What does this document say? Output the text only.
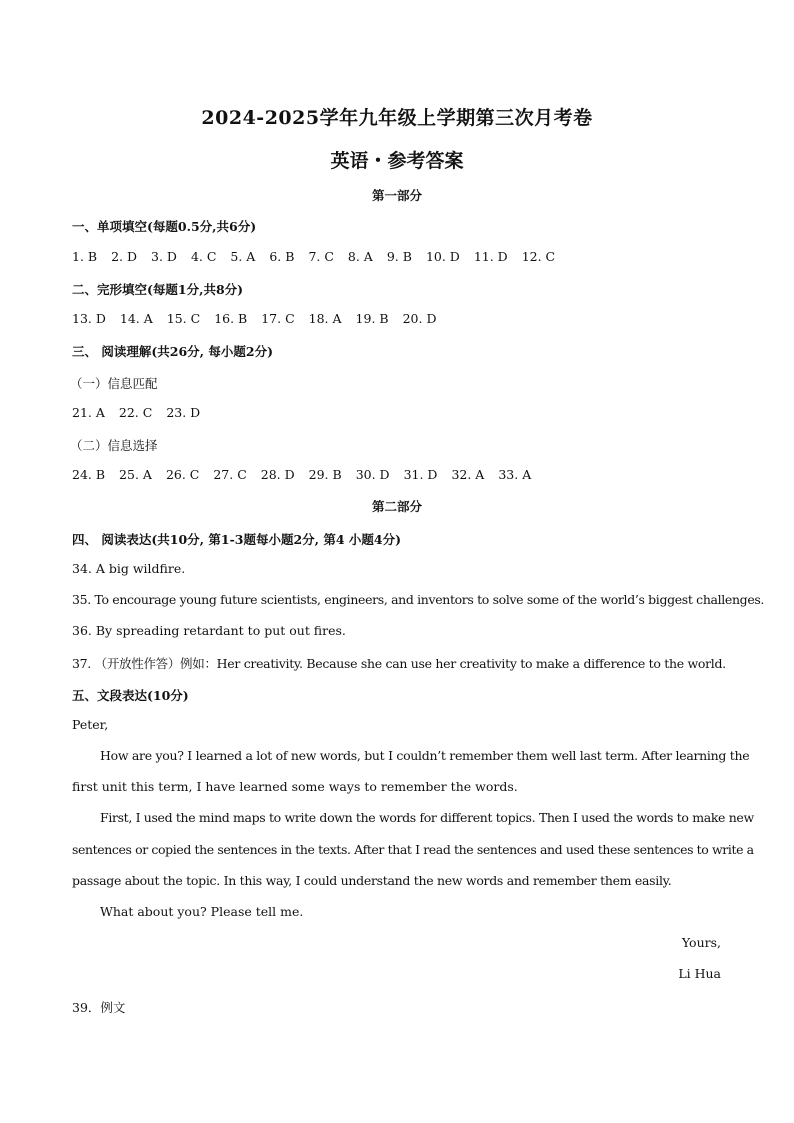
2024-2025学年九年级上学期第三次月考卷
英语・参考答案
第一部分
一、单项填空(每题0.5分,共6分)
1. B 2. D 3. D 4. C 5. A 6. B 7. C 8. A 9. B 10. D 11. D 12. C
二、完形填空(每题1分,共8分)
13. D 14. A 15. C 16. B 17. C 18. A 19. B 20. D
三、 阅读理解(共26分, 每小题2分)
（一）信息匹配
21. A 22. C 23. D
（二）信息选择
24. B 25. A 26. C 27. C 28. D 29. B 30. D 31. D 32. A 33. A
第二部分
四、 阅读表达(共10分, 第1-3题每小题2分, 第4 小题4分)
34. A big wildfire.
35. To encourage young future scientists, engineers, and inventors to solve some of the world’s biggest challenges.
36. By spreading retardant to put out fires.
37. （开放性作答）例如：Her creativity. Because she can use her creativity to make a difference to the world.
五、文段表达(10分)
Peter,
How are you? I learned a lot of new words, but I couldn’t remember them well last term. After learning the
first unit this term, I have learned some ways to remember the words.
First, I used the mind maps to write down the words for different topics. Then I used the words to make new
sentences or copied the sentences in the texts. After that I read the sentences and used these sentences to write a
passage about the topic. In this way, I could understand the new words and remember them easily.
What about you? Please tell me.
Yours,
Li Hua
39．例文
